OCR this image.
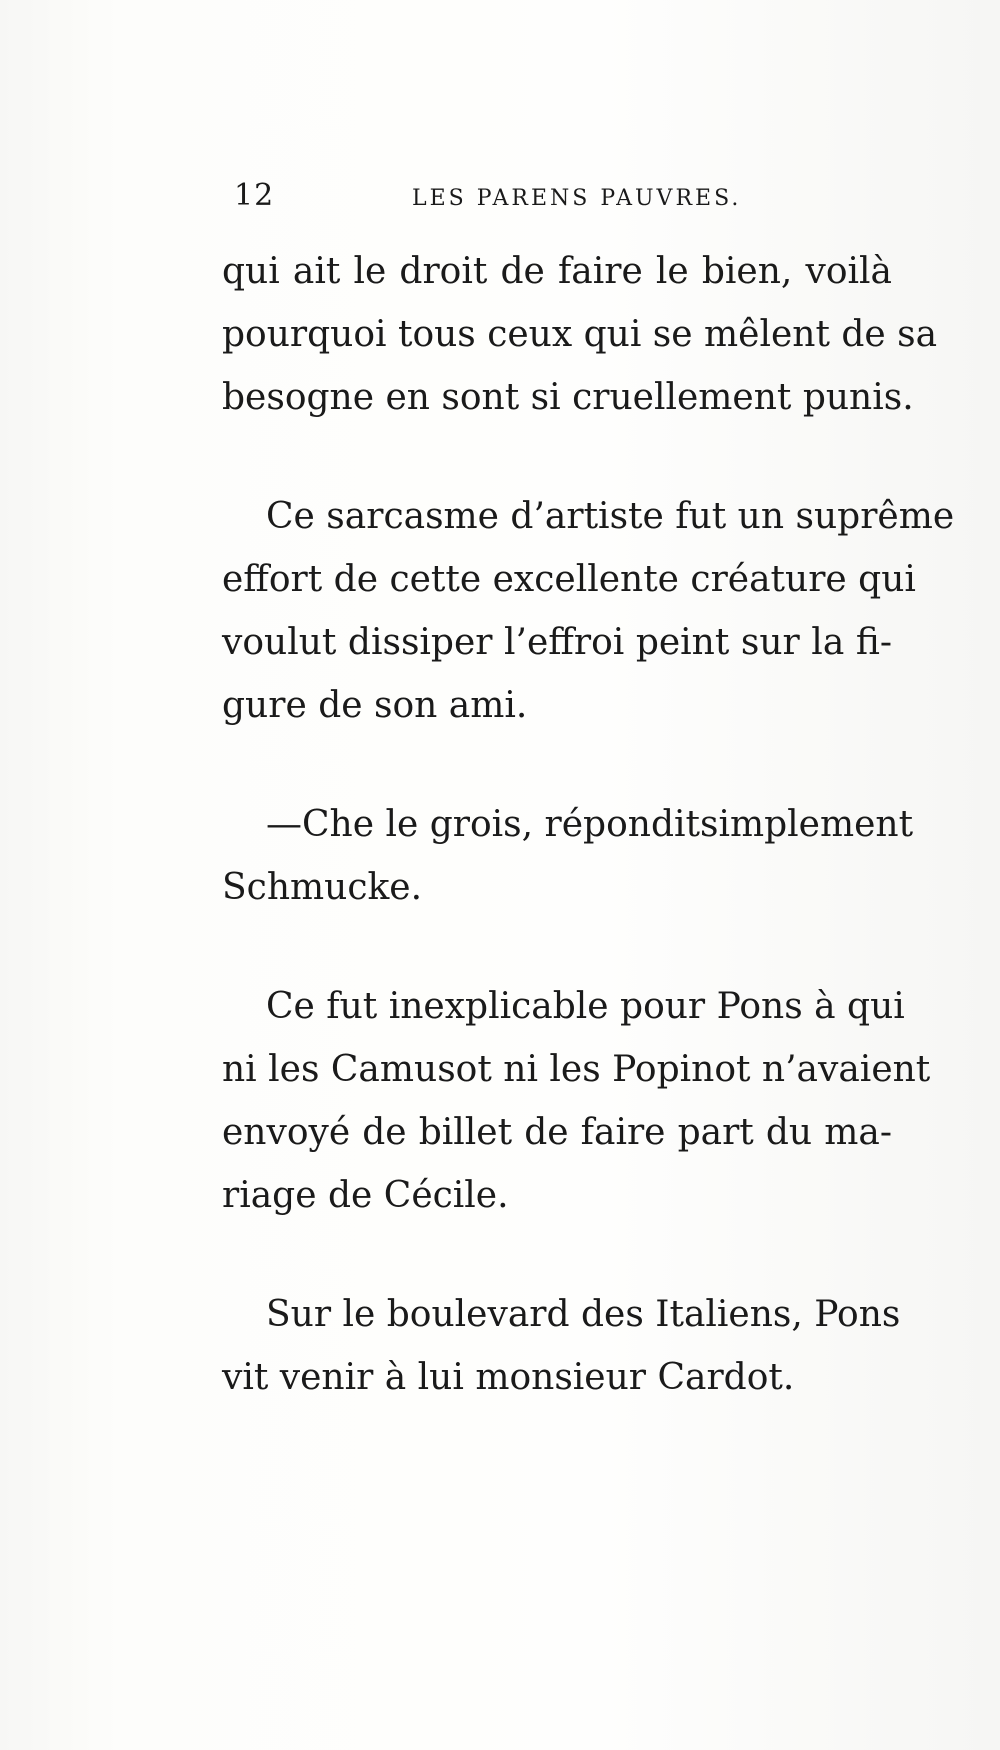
12	LES PARENS PAUVRES.

qui ait le droit de faire le bien, voilà
pourquoi tous ceux qui se mêlent de sa
besogne en sont si cruellement punis.

Ce sarcasme d’artiste fut un suprême
effort de cette excellente créature qui
voulut dissiper l’effroi peint sur la fi-
gure de son ami.

—Che le grois, réponditsimplement
Schmucke.

Ce fut inexplicable pour Pons à qui
ni les Camusot ni les Popinot n’avaient
envoyé de billet de faire part du ma-
riage de Cécile.

Sur le boulevard des Italiens, Pons
vit venir à lui monsieur Cardot.
